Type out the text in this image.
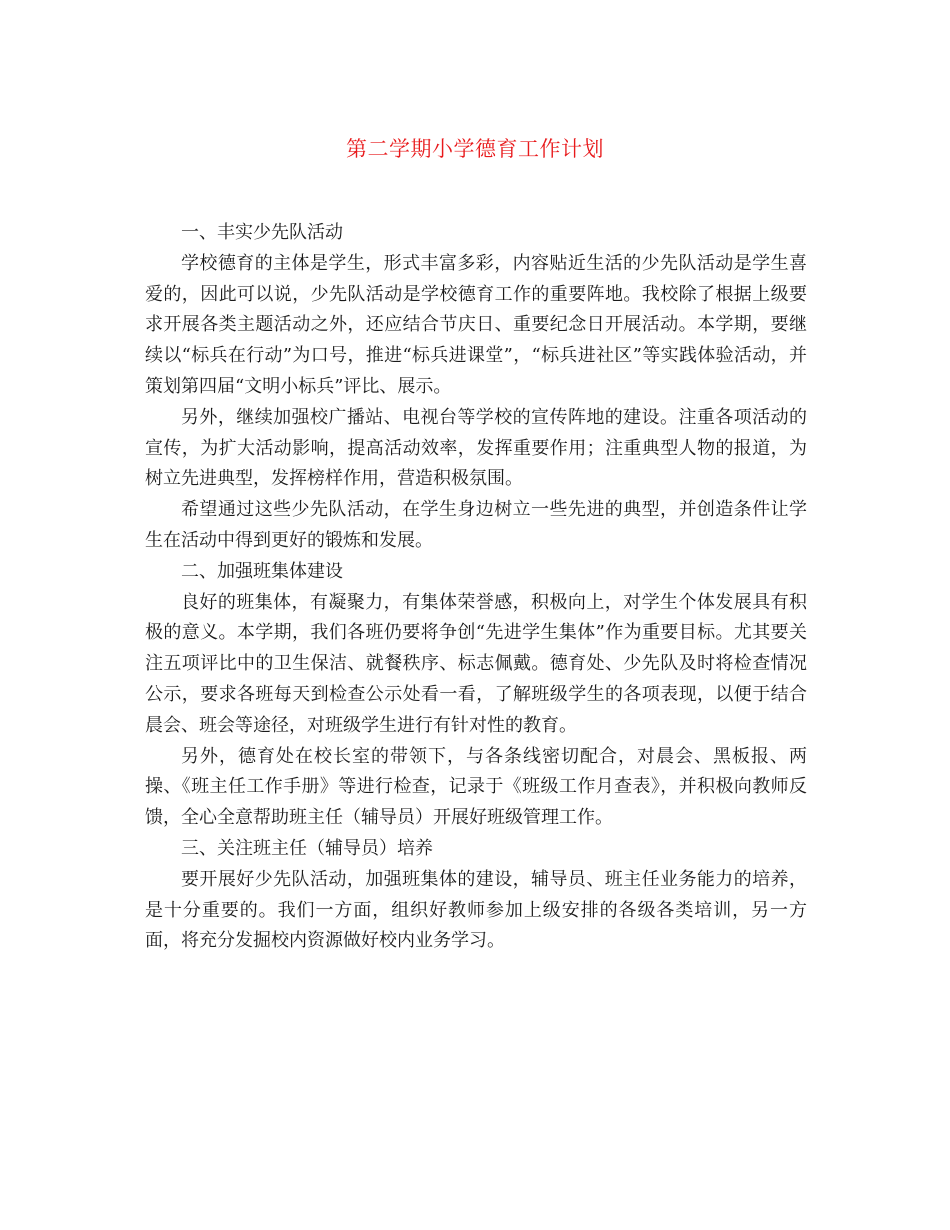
第二学期小学德育工作计划

一、丰实少先队活动

学校德育的主体是学生，形式丰富多彩，内容贴近生活的少先队活动是学生喜爱的，因此可以说，少先队活动是学校德育工作的重要阵地。我校除了根据上级要求开展各类主题活动之外，还应结合节庆日、重要纪念日开展活动。本学期，要继续以“标兵在行动”为口号，推进“标兵进课堂”，“标兵进社区”等实践体验活动，并策划第四届“文明小标兵”评比、展示。

另外，继续加强校广播站、电视台等学校的宣传阵地的建设。注重各项活动的宣传，为扩大活动影响，提高活动效率，发挥重要作用；注重典型人物的报道，为树立先进典型，发挥榜样作用，营造积极氛围。

希望通过这些少先队活动，在学生身边树立一些先进的典型，并创造条件让学生在活动中得到更好的锻炼和发展。

二、加强班集体建设

良好的班集体，有凝聚力，有集体荣誉感，积极向上，对学生个体发展具有积极的意义。本学期，我们各班仍要将争创“先进学生集体”作为重要目标。尤其要关注五项评比中的卫生保洁、就餐秩序、标志佩戴。德育处、少先队及时将检查情况公示，要求各班每天到检查公示处看一看，了解班级学生的各项表现，以便于结合晨会、班会等途径，对班级学生进行有针对性的教育。

另外，德育处在校长室的带领下，与各条线密切配合，对晨会、黑板报、两操、《班主任工作手册》等进行检查，记录于《班级工作月查表》，并积极向教师反馈，全心全意帮助班主任（辅导员）开展好班级管理工作。

三、关注班主任（辅导员）培养

要开展好少先队活动，加强班集体的建设，辅导员、班主任业务能力的培养，是十分重要的。我们一方面，组织好教师参加上级安排的各级各类培训，另一方面，将充分发掘校内资源做好校内业务学习。
